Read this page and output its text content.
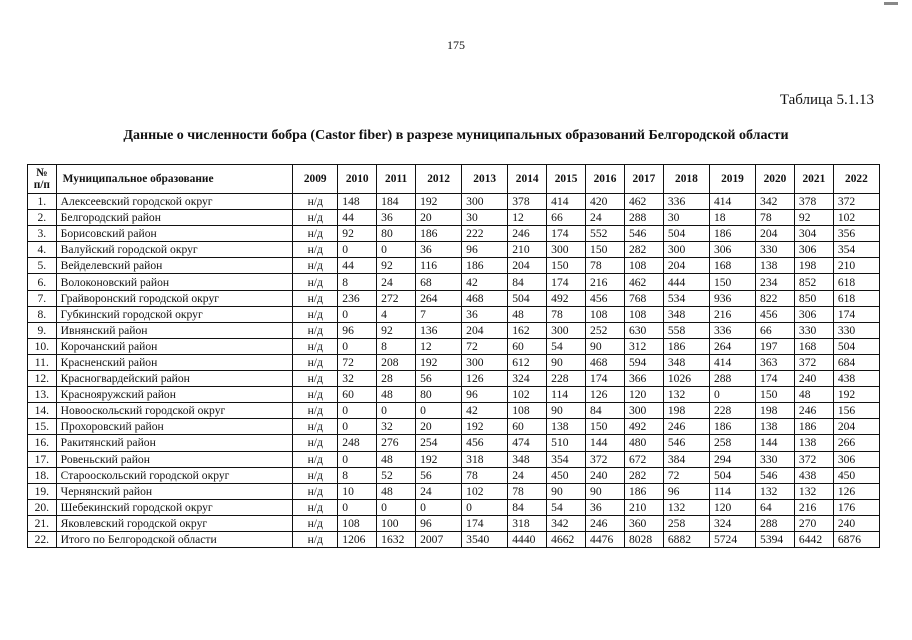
175
Таблица 5.1.13
Данные о численности бобра (Castor fiber) в разрезе муниципальных образований Белгородской области
№ п/п	Муниципальное образование	2009	2010	2011	2012	2013	2014	2015	2016	2017	2018	2019	2020	2021	2022
1.	Алексеевский городской округ	н/д	148	184	192	300	378	414	420	462	336	414	342	378	372
2.	Белгородский район	н/д	44	36	20	30	12	66	24	288	30	18	78	92	102
3.	Борисовский район	н/д	92	80	186	222	246	174	552	546	504	186	204	304	356
4.	Валуйский городской округ	н/д	0	0	36	96	210	300	150	282	300	306	330	306	354
5.	Вейделевский район	н/д	44	92	116	186	204	150	78	108	204	168	138	198	210
6.	Волоконовский район	н/д	8	24	68	42	84	174	216	462	444	150	234	852	618
7.	Грайворонский городской округ	н/д	236	272	264	468	504	492	456	768	534	936	822	850	618
8.	Губкинский городской округ	н/д	0	4	7	36	48	78	108	108	348	216	456	306	174
9.	Ивнянский район	н/д	96	92	136	204	162	300	252	630	558	336	66	330	330
10.	Корочанский район	н/д	0	8	12	72	60	54	90	312	186	264	197	168	504
11.	Красненский район	н/д	72	208	192	300	612	90	468	594	348	414	363	372	684
12.	Красногвардейский район	н/д	32	28	56	126	324	228	174	366	1026	288	174	240	438
13.	Краснояружский район	н/д	60	48	80	96	102	114	126	120	132	0	150	48	192
14.	Новооскольский городской округ	н/д	0	0	0	42	108	90	84	300	198	228	198	246	156
15.	Прохоровский район	н/д	0	32	20	192	60	138	150	492	246	186	138	186	204
16.	Ракитянский район	н/д	248	276	254	456	474	510	144	480	546	258	144	138	266
17.	Ровеньский район	н/д	0	48	192	318	348	354	372	672	384	294	330	372	306
18.	Старооскольский городской округ	н/д	8	52	56	78	24	450	240	282	72	504	546	438	450
19.	Чернянский район	н/д	10	48	24	102	78	90	90	186	96	114	132	132	126
20.	Шебекинский городской округ	н/д	0	0	0	0	84	54	36	210	132	120	64	216	176
21.	Яковлевский городской округ	н/д	108	100	96	174	318	342	246	360	258	324	288	270	240
22.	Итого по Белгородской области	н/д	1206	1632	2007	3540	4440	4662	4476	8028	6882	5724	5394	6442	6876
